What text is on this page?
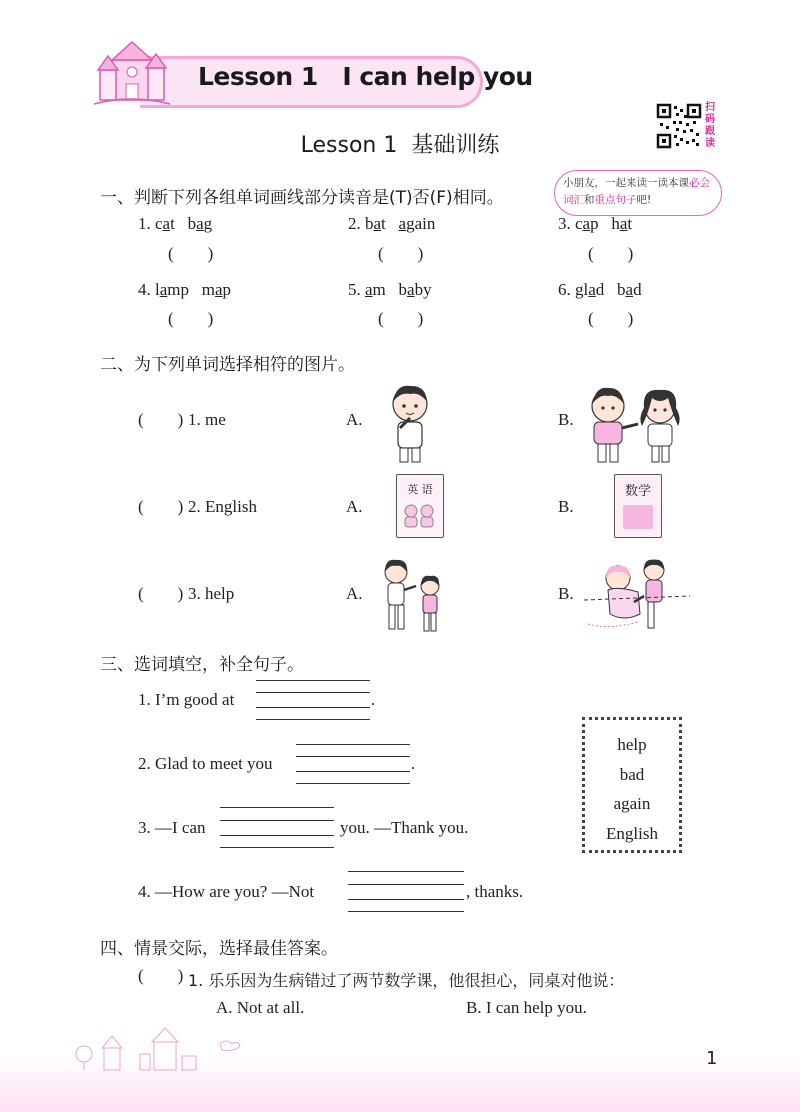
Lesson 1   I can help you
扫码跟读
Lesson 1  基础训练
小朋友，一起来读一读本课必会词汇和重点句子吧!
一、判断下列各组单词画线部分读音是(T)否(F)相同。
1. cat bag
(        )
2. bat again
(        )
3. cap hat
(        )
4. lamp map
(        )
5. am baby
(        )
6. glad bad
(        )
二、为下列单词选择相符的图片。
(        ) 1. me	A.	B.
(        ) 2. English	A.	B.
英 语	数学
(        ) 3. help	A.	B.
三、选词填空，补全句子。
1. I’m good at	.
2. Glad to meet you	.
3. —I can	you. —Thank you.
4. —How are you? —Not	, thanks.
help
bad
again
English
四、情景交际，选择最佳答案。
(        ) 1. 乐乐因为生病错过了两节数学课，他很担心，同桌对他说：
A. Not at all.	B. I can help you.
1
